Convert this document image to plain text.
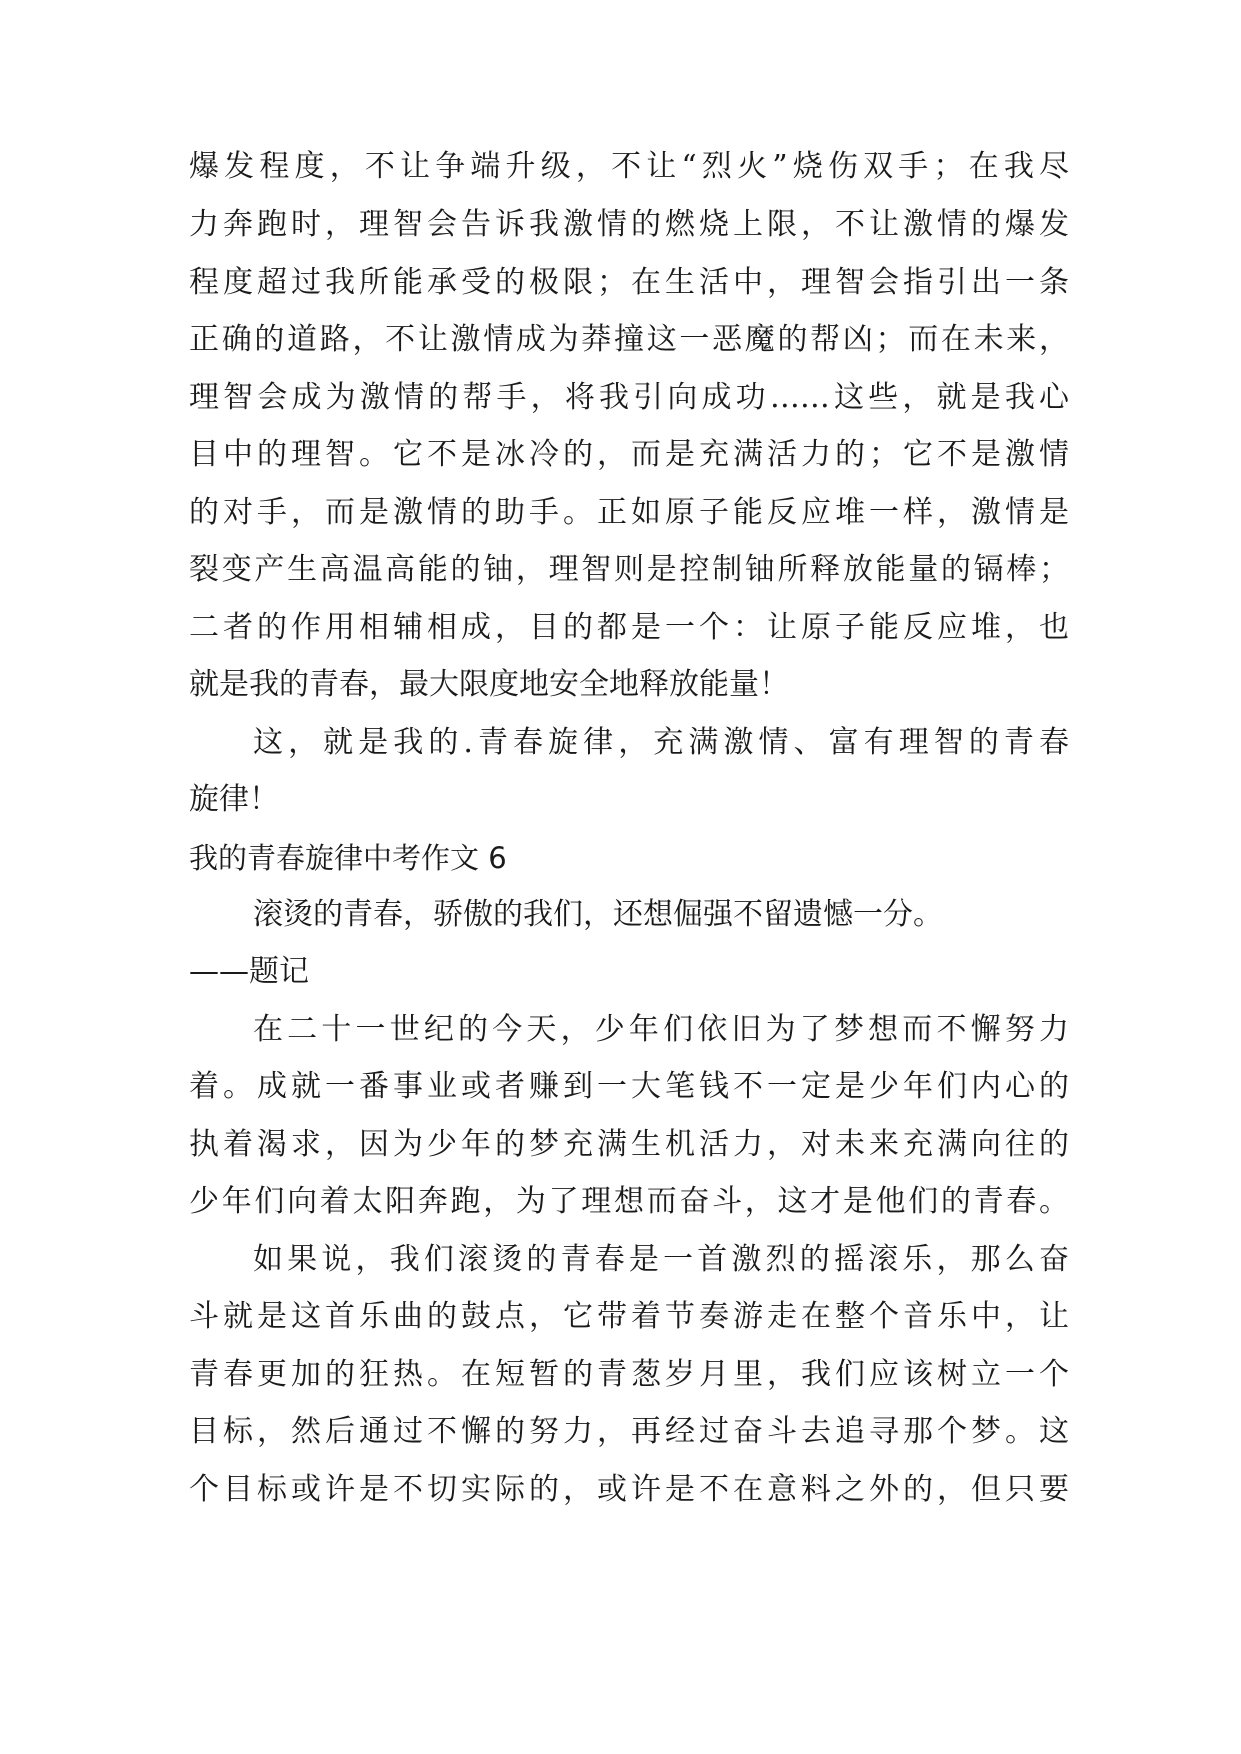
爆发程度，不让争端升级，不让“烈火”烧伤双手；在我尽
力奔跑时，理智会告诉我激情的燃烧上限，不让激情的爆发
程度超过我所能承受的极限；在生活中，理智会指引出一条
正确的道路，不让激情成为莽撞这一恶魔的帮凶；而在未来，
理智会成为激情的帮手，将我引向成功……这些，就是我心
目中的理智。它不是冰冷的，而是充满活力的；它不是激情
的对手，而是激情的助手。正如原子能反应堆一样，激情是
裂变产生高温高能的铀，理智则是控制铀所释放能量的镉棒；
二者的作用相辅相成，目的都是一个：让原子能反应堆，也
就是我的青春，最大限度地安全地释放能量！
这，就是我的.青春旋律，充满激情、富有理智的青春
旋律！
我的青春旋律中考作文 6
滚烫的青春，骄傲的我们，还想倔强不留遗憾一分。
——题记
在二十一世纪的今天，少年们依旧为了梦想而不懈努力
着。成就一番事业或者赚到一大笔钱不一定是少年们内心的
执着渴求，因为少年的梦充满生机活力，对未来充满向往的
少年们向着太阳奔跑，为了理想而奋斗，这才是他们的青春。
如果说，我们滚烫的青春是一首激烈的摇滚乐，那么奋
斗就是这首乐曲的鼓点，它带着节奏游走在整个音乐中，让
青春更加的狂热。在短暂的青葱岁月里，我们应该树立一个
目标，然后通过不懈的努力，再经过奋斗去追寻那个梦。这
个目标或许是不切实际的，或许是不在意料之外的，但只要
